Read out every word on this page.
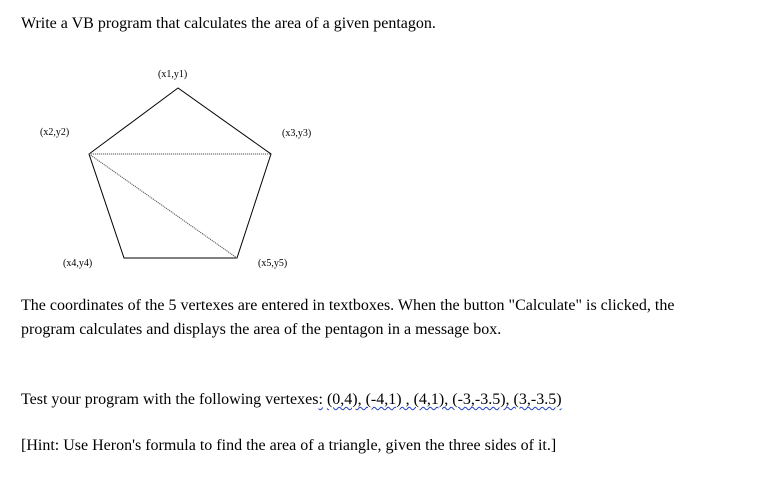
Write a VB program that calculates the area of a given pentagon.
(x1,y1)
(x2,y2)	(x3,y3)
(x4,y4)	(x5,y5)
The coordinates of the 5 vertexes are entered in textboxes. When the button "Calculate" is clicked, the
program calculates and displays the area of the pentagon in a message box.
Test your program with the following vertexes: (0,4), (-4,1) , (4,1), (-3,-3.5), (3,-3.5)
[Hint: Use Heron's formula to find the area of a triangle, given the three sides of it.]
